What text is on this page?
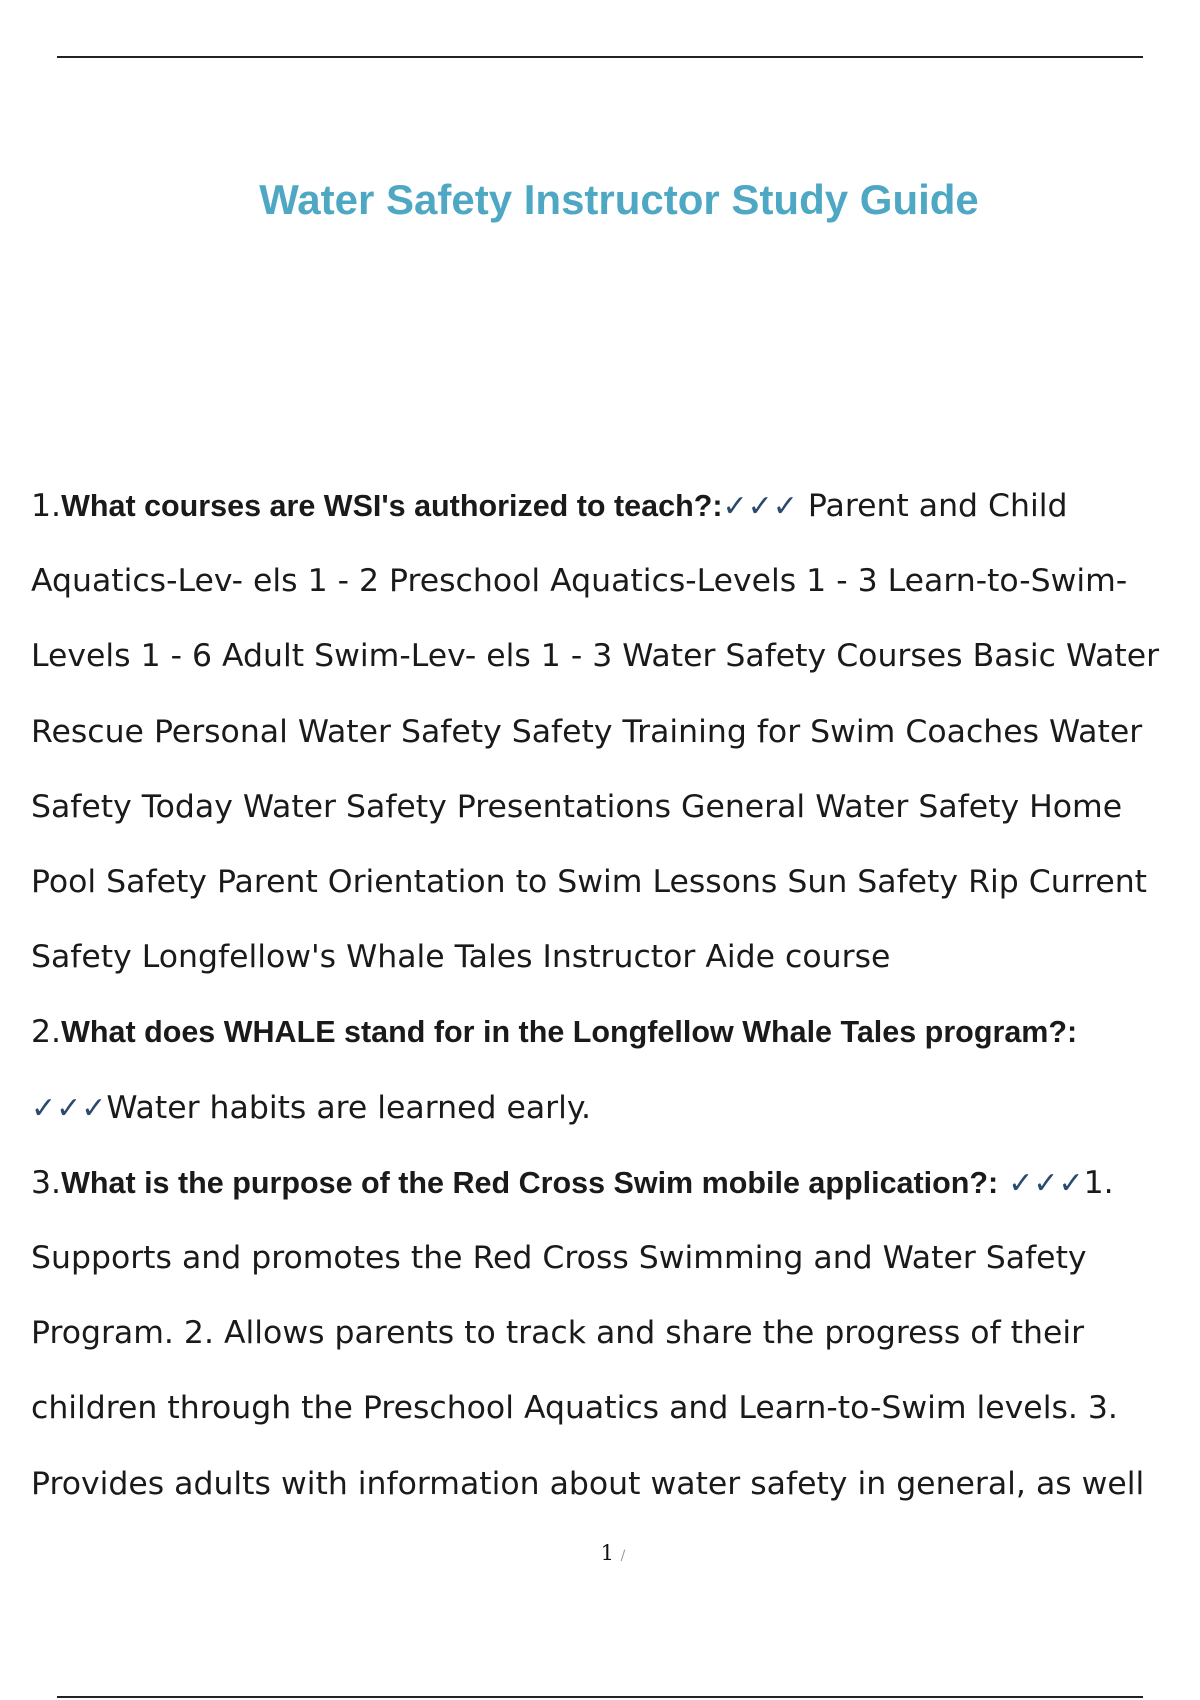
Water Safety Instructor Study Guide

1.What courses are WSI's authorized to teach?:✓✓✓ Parent and Child Aquatics-Lev- els 1 - 2 Preschool Aquatics-Levels 1 - 3 Learn-to-Swim-Levels 1 - 6 Adult Swim-Lev- els 1 - 3 Water Safety Courses Basic Water Rescue Personal Water Safety Safety Training for Swim Coaches Water Safety Today Water Safety Presentations General Water Safety Home Pool Safety Parent Orientation to Swim Lessons Sun Safety Rip Current Safety Longfellow's Whale Tales Instructor Aide course

2.What does WHALE stand for in the Longfellow Whale Tales program?:
✓✓✓Water habits are learned early.

3.What is the purpose of the Red Cross Swim mobile application?: ✓✓✓1. Supports and promotes the Red Cross Swimming and Water Safety Program. 2. Allows parents to track and share the progress of their children through the Preschool Aquatics and Learn-to-Swim levels. 3. Provides adults with information about water safety in general, as well

1 /
